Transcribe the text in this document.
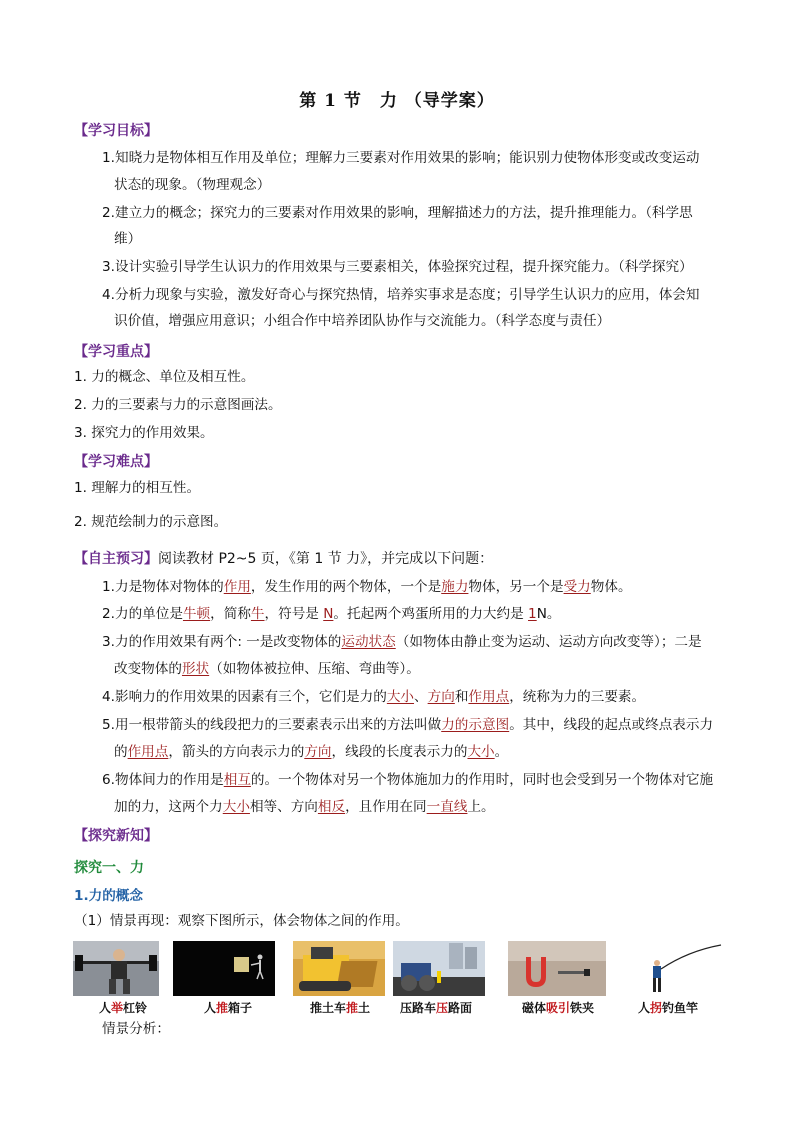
第 1 节　力 （导学案）
【学习目标】
1.知晓力是物体相互作用及单位；理解力三要素对作用效果的影响；能识别力使物体形变或改变运动
状态的现象。（物理观念）
2.建立力的概念；探究力的三要素对作用效果的影响，理解描述力的方法，提升推理能力。（科学思
维）
3.设计实验引导学生认识力的作用效果与三要素相关，体验探究过程，提升探究能力。（科学探究）
4.分析力现象与实验，激发好奇心与探究热情，培养实事求是态度；引导学生认识力的应用，体会知
识价值，增强应用意识；小组合作中培养团队协作与交流能力。（科学态度与责任）
【学习重点】
1. 力的概念、单位及相互性。
2. 力的三要素与力的示意图画法。
3. 探究力的作用效果。
【学习难点】
1. 理解力的相互性。
2. 规范绘制力的示意图。
【自主预习】阅读教材 P2~5 页，《第 1 节 力》，并完成以下问题：
1.力是物体对物体的作用，发生作用的两个物体，一个是施力物体，另一个是受力物体。
2.力的单位是牛顿，简称牛，符号是 N。托起两个鸡蛋所用的力大约是 1N。
3.力的作用效果有两个: 一是改变物体的运动状态（如物体由静止变为运动、运动方向改变等）；二是
改变物体的形状（如物体被拉伸、压缩、弯曲等）。
4.影响力的作用效果的因素有三个，它们是力的大小、方向和作用点，统称为力的三要素。
5.用一根带箭头的线段把力的三要素表示出来的方法叫做力的示意图。其中，线段的起点或终点表示力
的作用点，箭头的方向表示力的方向，线段的长度表示力的大小。
6.物体间力的作用是相互的。一个物体对另一个物体施加力的作用时，同时也会受到另一个物体对它施
加的力，这两个力大小相等、方向相反，且作用在同一直线上。
【探究新知】
探究一、力
1.力的概念
（1）情景再现：观察下图所示，体会物体之间的作用。
人举杠铃	人推箱子	推土车推土 压路车压路面	磁体吸引铁夹	人拐钓鱼竿
情景分析：
